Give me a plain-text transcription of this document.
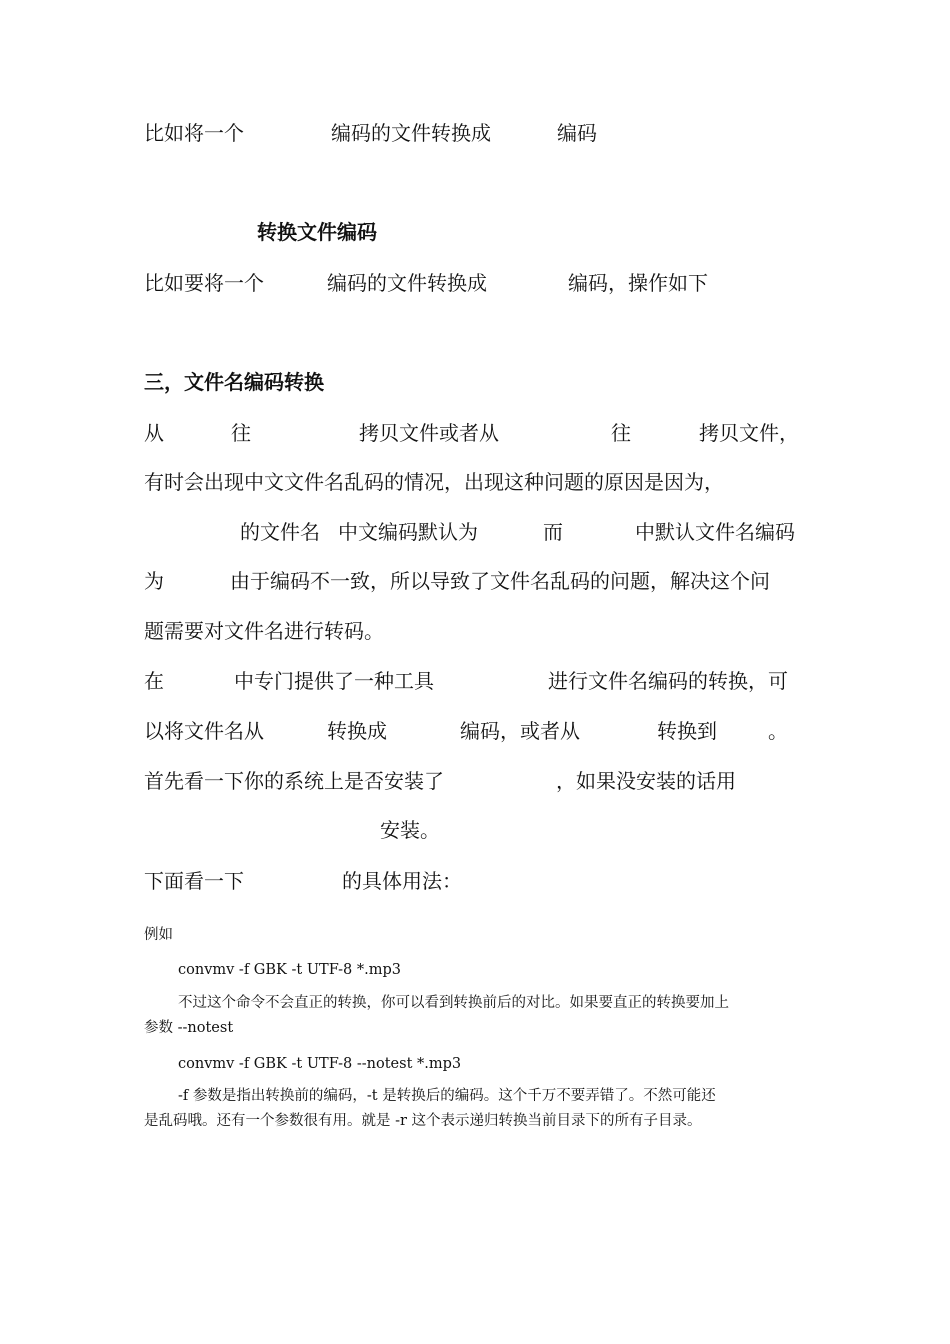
比如将一个	编码的文件转换成	编码
转换文件编码
比如要将一个	编码的文件转换成	编码，操作如下
三，文件名编码转换
从	往	拷贝文件或者从	往	拷贝文件，
有时会出现中文文件名乱码的情况，出现这种问题的原因是因为，
的文件名 中文编码默认为	而	中默认文件名编码
为	由于编码不一致，所以导致了文件名乱码的问题，解决这个问
题需要对文件名进行转码。
在	中专门提供了一种工具	进行文件名编码的转换，可
以将文件名从	转换成	编码，或者从	转换到	。
首先看一下你的系统上是否安装了	，如果没安装的话用
安装。
下面看一下	的具体用法：
例如
convmv -f GBK -t UTF-8 *.mp3
不过这个命令不会直正的转换，你可以看到转换前后的对比。如果要直正的转换要加上
参数 --notest
convmv -f GBK -t UTF-8 --notest *.mp3
-f 参数是指出转换前的编码，-t 是转换后的编码。这个千万不要弄错了。不然可能还
是乱码哦。还有一个参数很有用。就是 -r 这个表示递归转换当前目录下的所有子目录。
